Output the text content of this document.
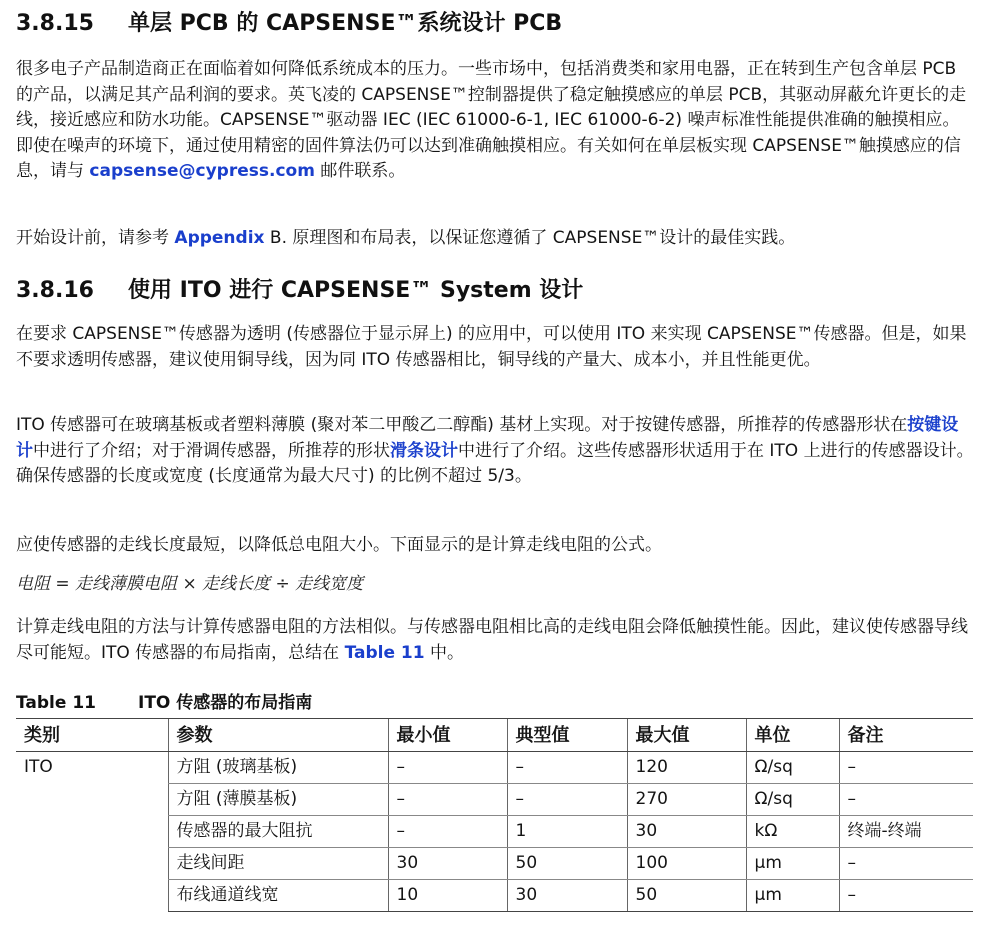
3.8.15 单层 PCB 的 CAPSENSE™系统设计 PCB
很多电子产品制造商正在面临着如何降低系统成本的压力。一些市场中，包括消费类和家用电器，正在转到生产包含单层 PCB 的产品，以满足其产品利润的要求。英飞凌的 CAPSENSE™控制器提供了稳定触摸感应的单层 PCB，其驱动屏蔽允许更长的走线，接近感应和防水功能。CAPSENSE™驱动器 IEC (IEC 61000-6-1, IEC 61000-6-2) 噪声标准性能提供准确的触摸相应。即使在噪声的环境下，通过使用精密的固件算法仍可以达到准确触摸相应。有关如何在单层板实现 CAPSENSE™触摸感应的信息，请与 capsense@cypress.com 邮件联系。
开始设计前，请参考 Appendix B. 原理图和布局表，以保证您遵循了 CAPSENSE™设计的最佳实践。
3.8.16 使用 ITO 进行 CAPSENSE™ System 设计
在要求 CAPSENSE™传感器为透明 (传感器位于显示屏上) 的应用中，可以使用 ITO 来实现 CAPSENSE™传感器。但是，如果不要求透明传感器，建议使用铜导线，因为同 ITO 传感器相比，铜导线的产量大、成本小，并且性能更优。
ITO 传感器可在玻璃基板或者塑料薄膜 (聚对苯二甲酸乙二醇酯) 基材上实现。对于按键传感器，所推荐的传感器形状在按键设计中进行了介绍；对于滑调传感器，所推荐的形状滑条设计中进行了介绍。这些传感器形状适用于在 ITO 上进行的传感器设计。确保传感器的长度或宽度 (长度通常为最大尺寸) 的比例不超过 5/3。
应使传感器的走线长度最短，以降低总电阻大小。下面显示的是计算走线电阻的公式。
电阻 = 走线薄膜电阻 × 走线长度 ÷ 走线宽度
计算走线电阻的方法与计算传感器电阻的方法相似。与传感器电阻相比高的走线电阻会降低触摸性能。因此，建议使传感器导线尽可能短。ITO 传感器的布局指南，总结在 Table 11 中。
Table 11 ITO 传感器的布局指南
类别	参数	最小值	典型值	最大值	单位	备注
ITO	方阻 (玻璃基板)	–	–	120	Ω/sq	–
	方阻 (薄膜基板)	–	–	270	Ω/sq	–
	传感器的最大阻抗	–	1	30	kΩ	终端-终端
	走线间距	30	50	100	μm	–
	布线通道线宽	10	30	50	μm	–
